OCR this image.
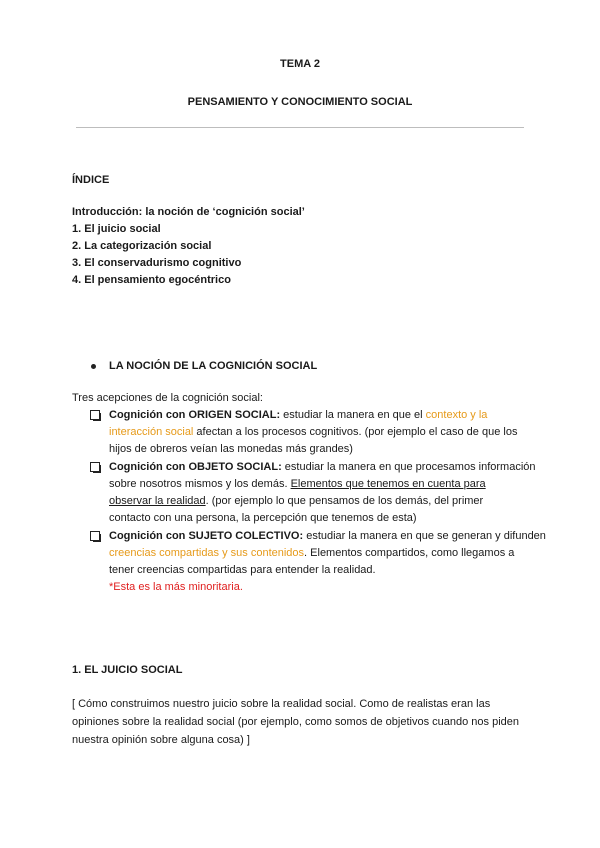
TEMA 2
PENSAMIENTO Y CONOCIMIENTO SOCIAL
ÍNDICE
Introducción: la noción de ‘cognición social’
1. El juicio social
2. La categorización social
3. El conservadurismo cognitivo
4. El pensamiento egocéntrico
LA NOCIÓN DE LA COGNICIÓN SOCIAL
Tres acepciones de la cognición social:
Cognición con ORIGEN SOCIAL: estudiar la manera en que el contexto y la
interacción social afectan a los procesos cognitivos. (por ejemplo el caso de que los
hijos de obreros veían las monedas más grandes)
Cognición con OBJETO SOCIAL: estudiar la manera en que procesamos información
sobre nosotros mismos y los demás. Elementos que tenemos en cuenta para
observar la realidad. (por ejemplo lo que pensamos de los demás, del primer
contacto con una persona, la percepción que tenemos de esta)
Cognición con SUJETO COLECTIVO: estudiar la manera en que se generan y difunden
creencias compartidas y sus contenidos. Elementos compartidos, como llegamos a
tener creencias compartidas para entender la realidad.
*Esta es la más minoritaria.
1. EL JUICIO SOCIAL
[ Cómo construimos nuestro juicio sobre la realidad social. Como de realistas eran las
opiniones sobre la realidad social (por ejemplo, como somos de objetivos cuando nos piden
nuestra opinión sobre alguna cosa) ]
